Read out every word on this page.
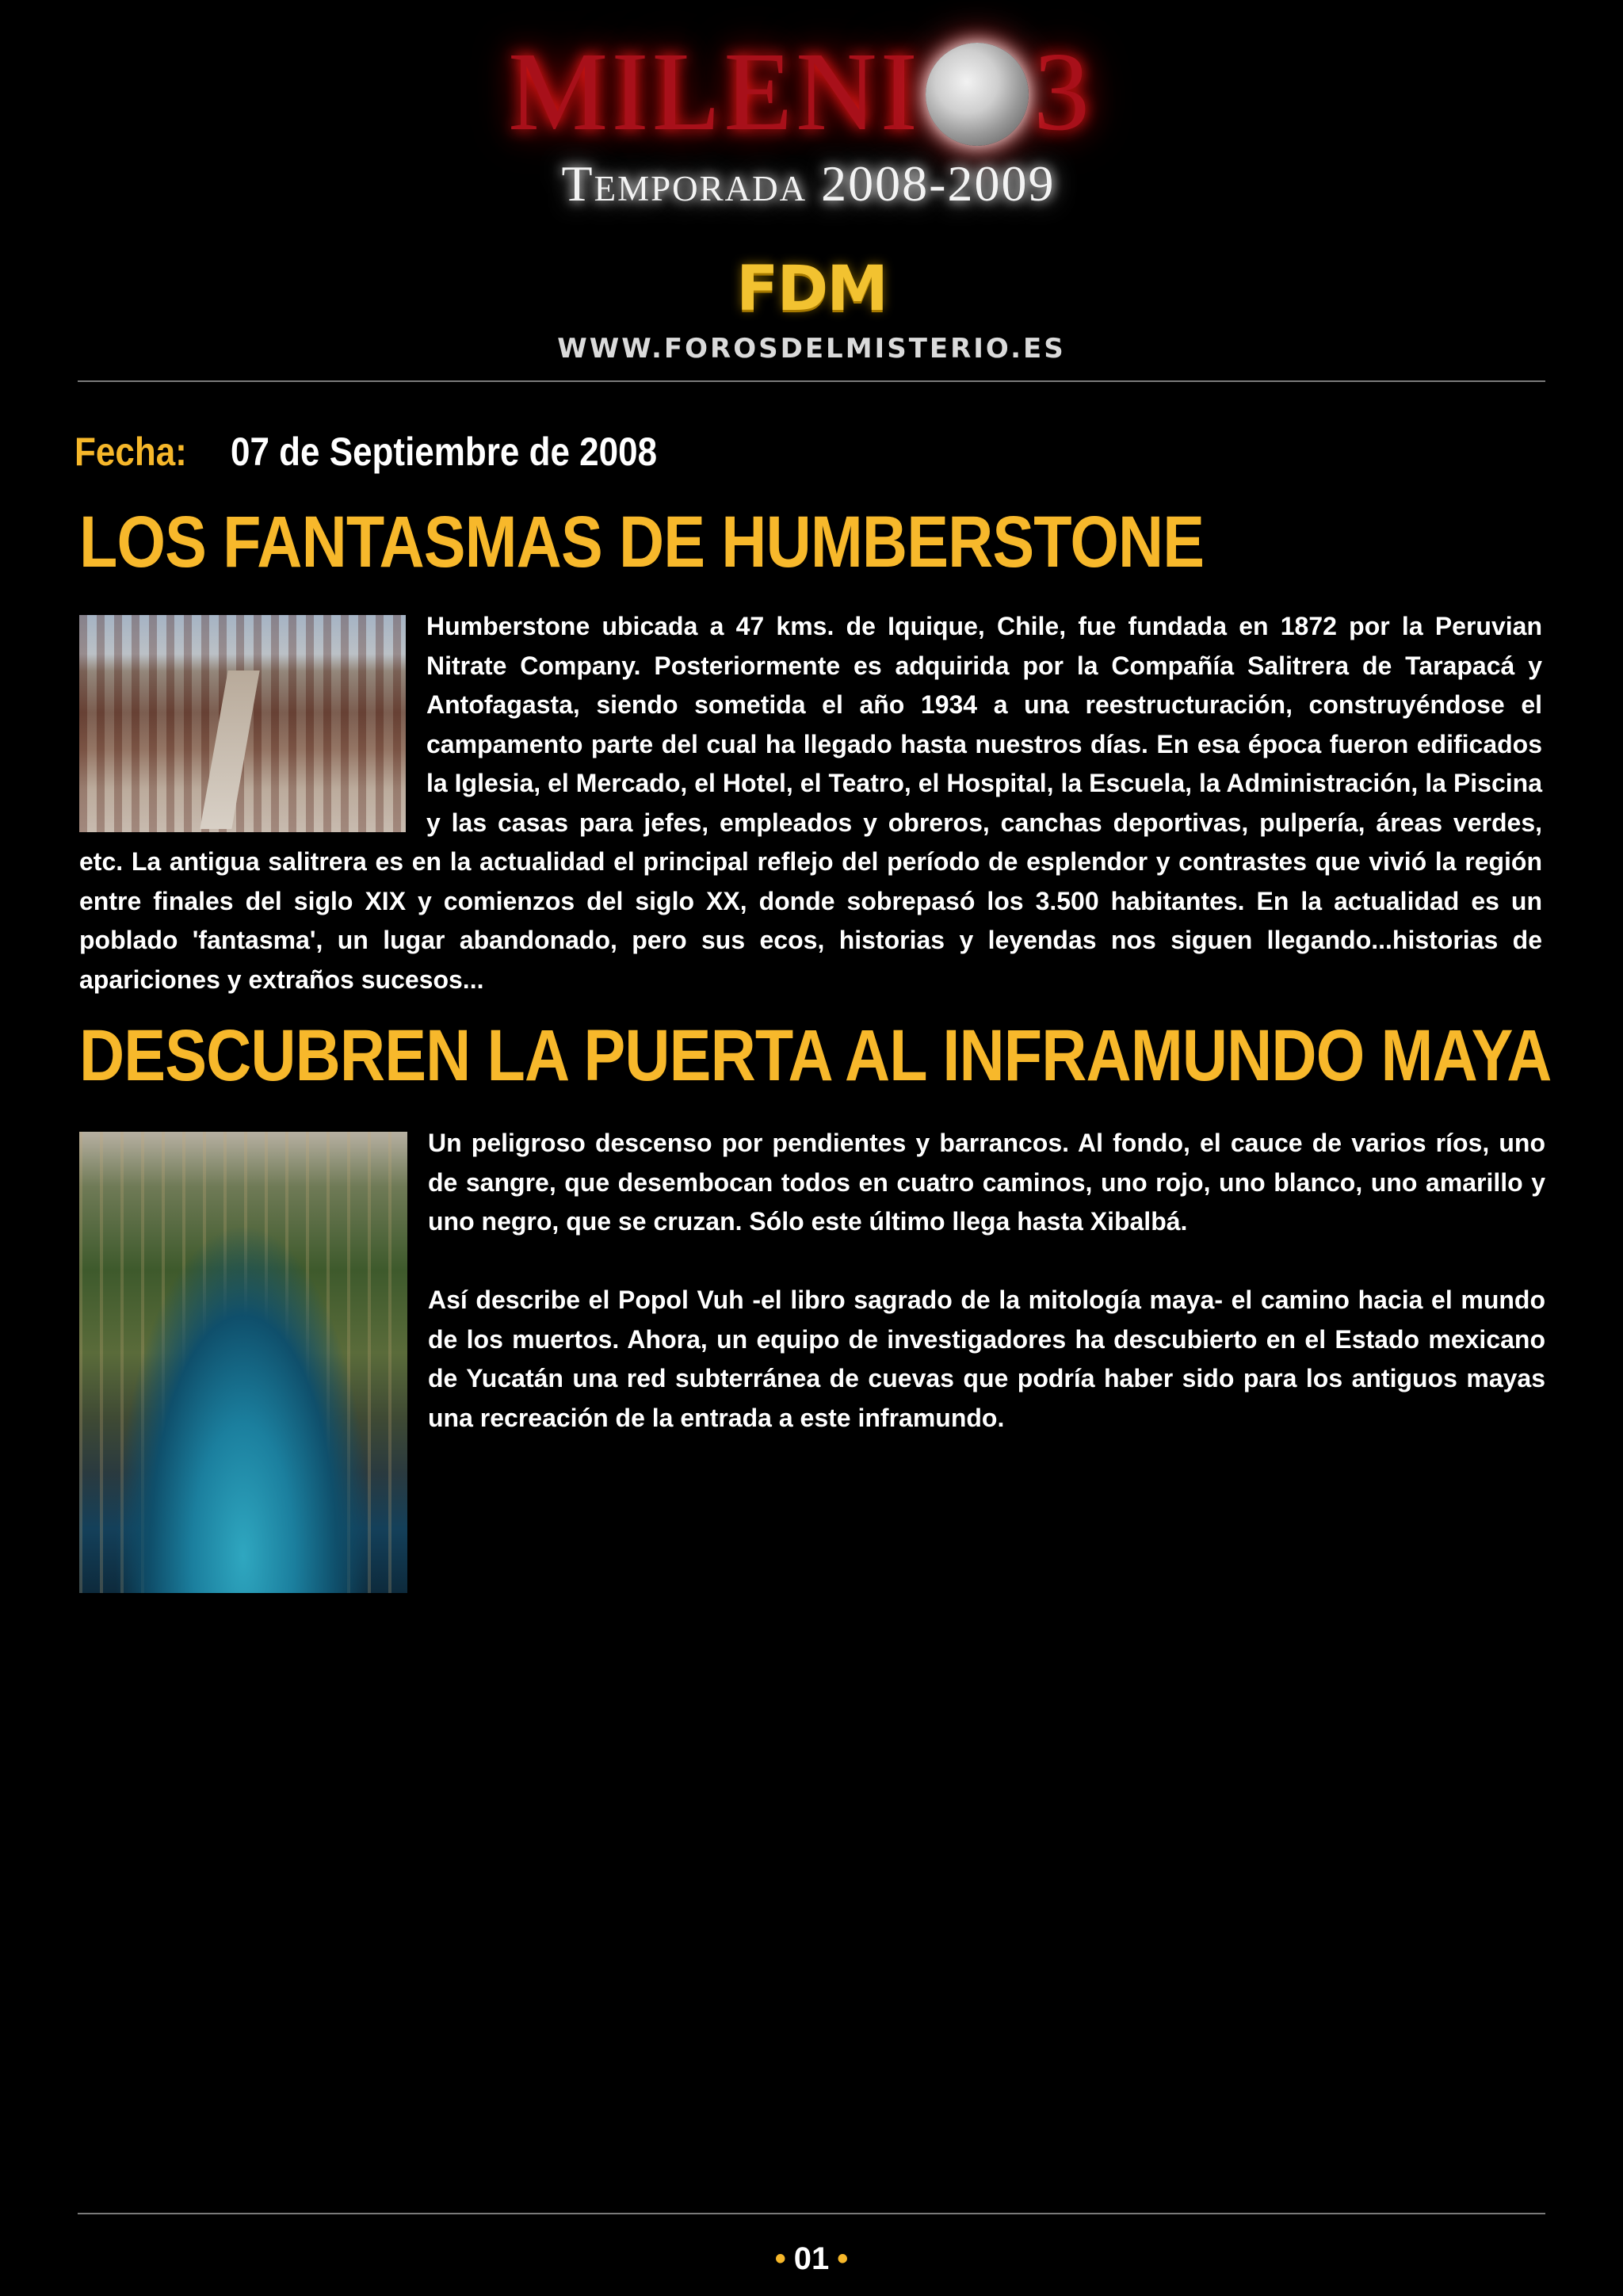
MILENI 3
Temporada 2008-2009
FDM
WWW.FOROSDELMISTERIO.ES
Fecha: 07 de Septiembre de 2008
LOS FANTASMAS DE HUMBERSTONE
Humberstone ubicada a 47 kms. de Iquique, Chile, fue fundada en 1872 por la Peruvian Nitrate Company. Posteriormente es adquirida por la Compañía Salitrera de Tarapacá y Antofagasta, siendo sometida el año 1934 a una reestructuración, construyéndose el campamento parte del cual ha llegado hasta nuestros días. En esa época fueron edificados la Iglesia, el Mercado, el Hotel, el Teatro, el Hospital, la Escuela, la Administración, la Piscina y las casas para jefes, empleados y obreros, canchas deportivas, pulpería, áreas verdes, etc. La antigua salitrera es en la actualidad el principal reflejo del período de esplendor y contrastes que vivió la región entre finales del siglo XIX y comienzos del siglo XX, donde sobrepasó los 3.500 habitantes. En la actualidad es un poblado 'fantasma', un lugar abandonado, pero sus ecos, historias y leyendas nos siguen llegando...historias de apariciones y extraños sucesos...
DESCUBREN LA PUERTA AL INFRAMUNDO MAYA

Un peligroso descenso por pendientes y barrancos. Al fondo, el cauce de varios ríos, uno de sangre, que desembocan todos en cuatro caminos, uno rojo, uno blanco, uno amarillo y uno negro, que se cruzan. Sólo este último llega hasta Xibalbá.

Así describe el Popol Vuh -el libro sagrado de la mitología maya- el camino hacia el mundo de los muertos. Ahora, un equipo de investigadores ha descubierto en el Estado mexicano de Yucatán una red subterránea de cuevas que podría haber sido para los antiguos mayas una recreación de la entrada a este inframundo.

• 01 •
